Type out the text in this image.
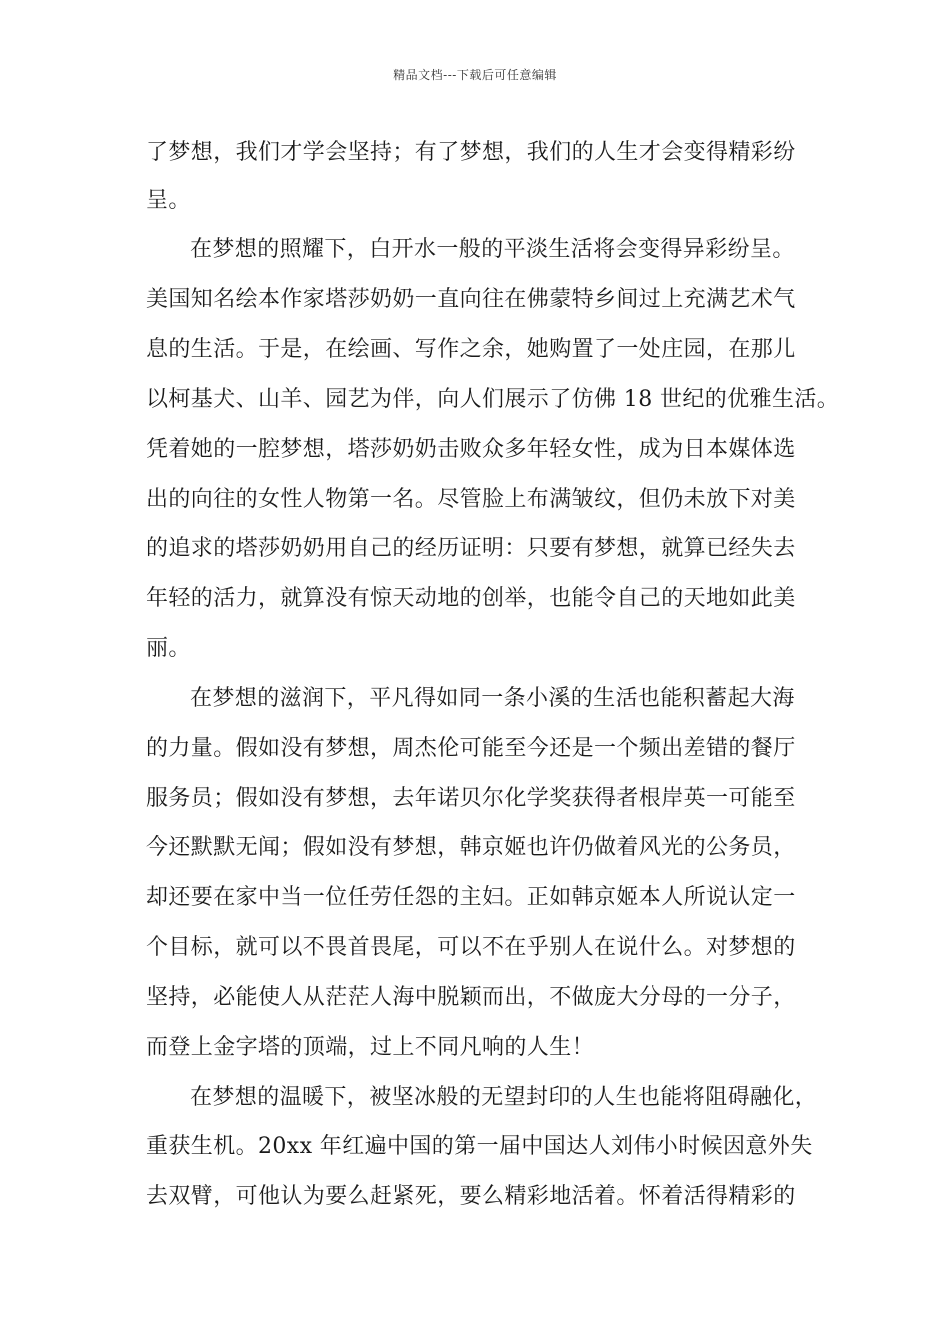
精品文档---下载后可任意编辑
了梦想，我们才学会坚持；有了梦想，我们的人生才会变得精彩纷
呈。
在梦想的照耀下，白开水一般的平淡生活将会变得异彩纷呈。
美国知名绘本作家塔莎奶奶一直向往在佛蒙特乡间过上充满艺术气
息的生活。于是，在绘画、写作之余，她购置了一处庄园，在那儿
以柯基犬、山羊、园艺为伴，向人们展示了仿佛 18 世纪的优雅生活。
凭着她的一腔梦想，塔莎奶奶击败众多年轻女性，成为日本媒体选
出的向往的女性人物第一名。尽管脸上布满皱纹，但仍未放下对美
的追求的塔莎奶奶用自己的经历证明：只要有梦想，就算已经失去
年轻的活力，就算没有惊天动地的创举，也能令自己的天地如此美
丽。
在梦想的滋润下，平凡得如同一条小溪的生活也能积蓄起大海
的力量。假如没有梦想，周杰伦可能至今还是一个频出差错的餐厅
服务员；假如没有梦想，去年诺贝尔化学奖获得者根岸英一可能至
今还默默无闻；假如没有梦想，韩京姬也许仍做着风光的公务员，
却还要在家中当一位任劳任怨的主妇。正如韩京姬本人所说认定一
个目标，就可以不畏首畏尾，可以不在乎别人在说什么。对梦想的
坚持，必能使人从茫茫人海中脱颖而出，不做庞大分母的一分子，
而登上金字塔的顶端，过上不同凡响的人生！
在梦想的温暖下，被坚冰般的无望封印的人生也能将阻碍融化，
重获生机。20xx 年红遍中国的第一届中国达人刘伟小时候因意外失
去双臂，可他认为要么赶紧死，要么精彩地活着。怀着活得精彩的
